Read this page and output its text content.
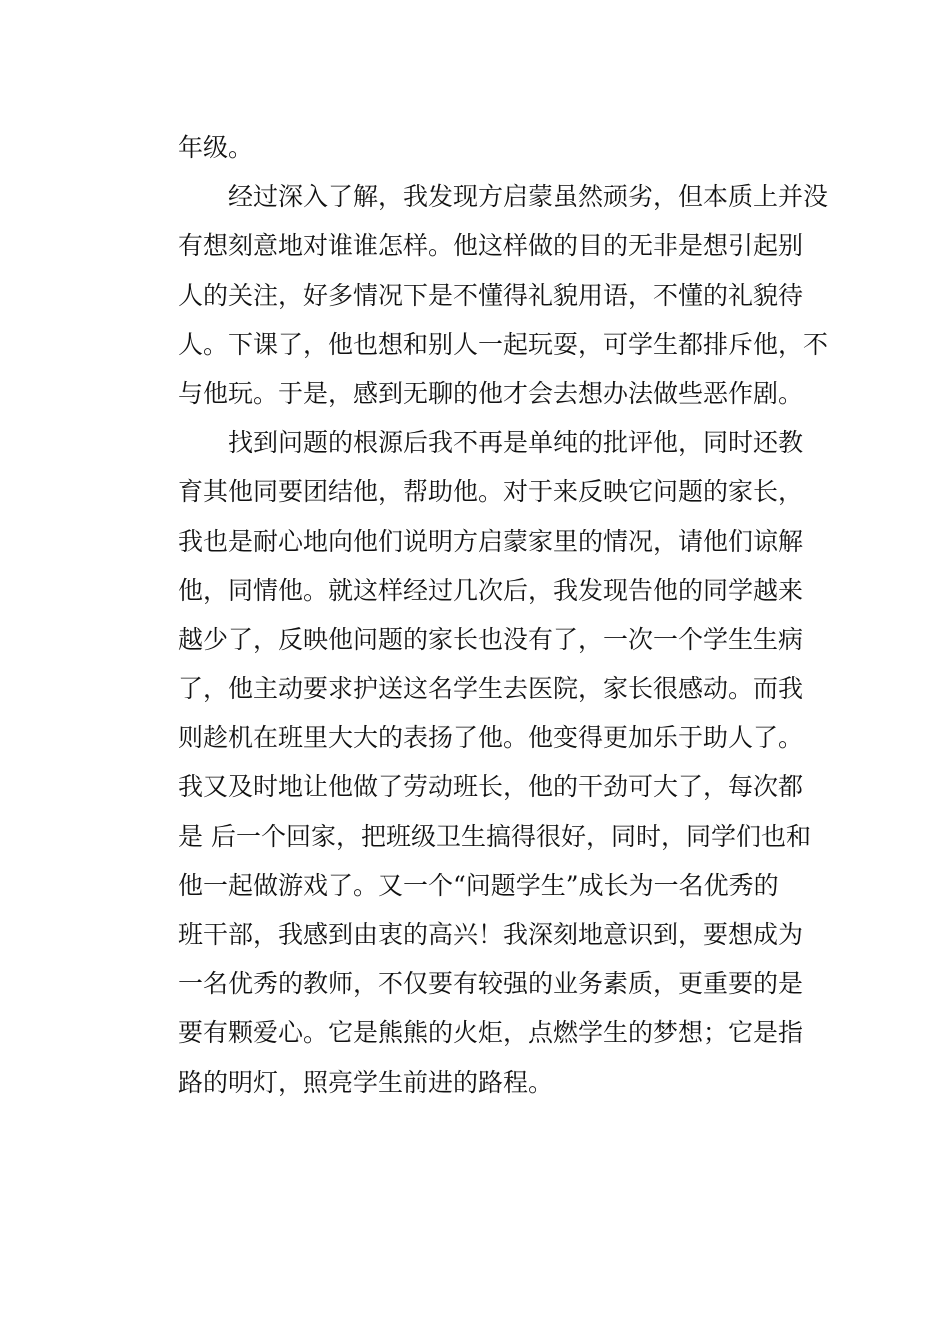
年级。
　　经过深入了解，我发现方启蒙虽然顽劣，但本质上并没
有想刻意地对谁谁怎样。他这样做的目的无非是想引起别
人的关注，好多情况下是不懂得礼貌用语，不懂的礼貌待
人。下课了，他也想和别人一起玩耍，可学生都排斥他，不
与他玩。于是，感到无聊的他才会去想办法做些恶作剧。
　　找到问题的根源后我不再是单纯的批评他，同时还教
育其他同要团结他，帮助他。对于来反映它问题的家长，
我也是耐心地向他们说明方启蒙家里的情况，请他们谅解
他，同情他。就这样经过几次后，我发现告他的同学越来
越少了，反映他问题的家长也没有了，一次一个学生生病
了，他主动要求护送这名学生去医院，家长很感动。而我
则趁机在班里大大的表扬了他。他变得更加乐于助人了。
我又及时地让他做了劳动班长，他的干劲可大了，每次都
是 后一个回家，把班级卫生搞得很好，同时，同学们也和
他一起做游戏了。又一个“问题学生”成长为一名优秀的
班干部，我感到由衷的高兴！我深刻地意识到，要想成为
一名优秀的教师，不仅要有较强的业务素质，更重要的是
要有颗爱心。它是熊熊的火炬，点燃学生的梦想；它是指
路的明灯，照亮学生前进的路程。
